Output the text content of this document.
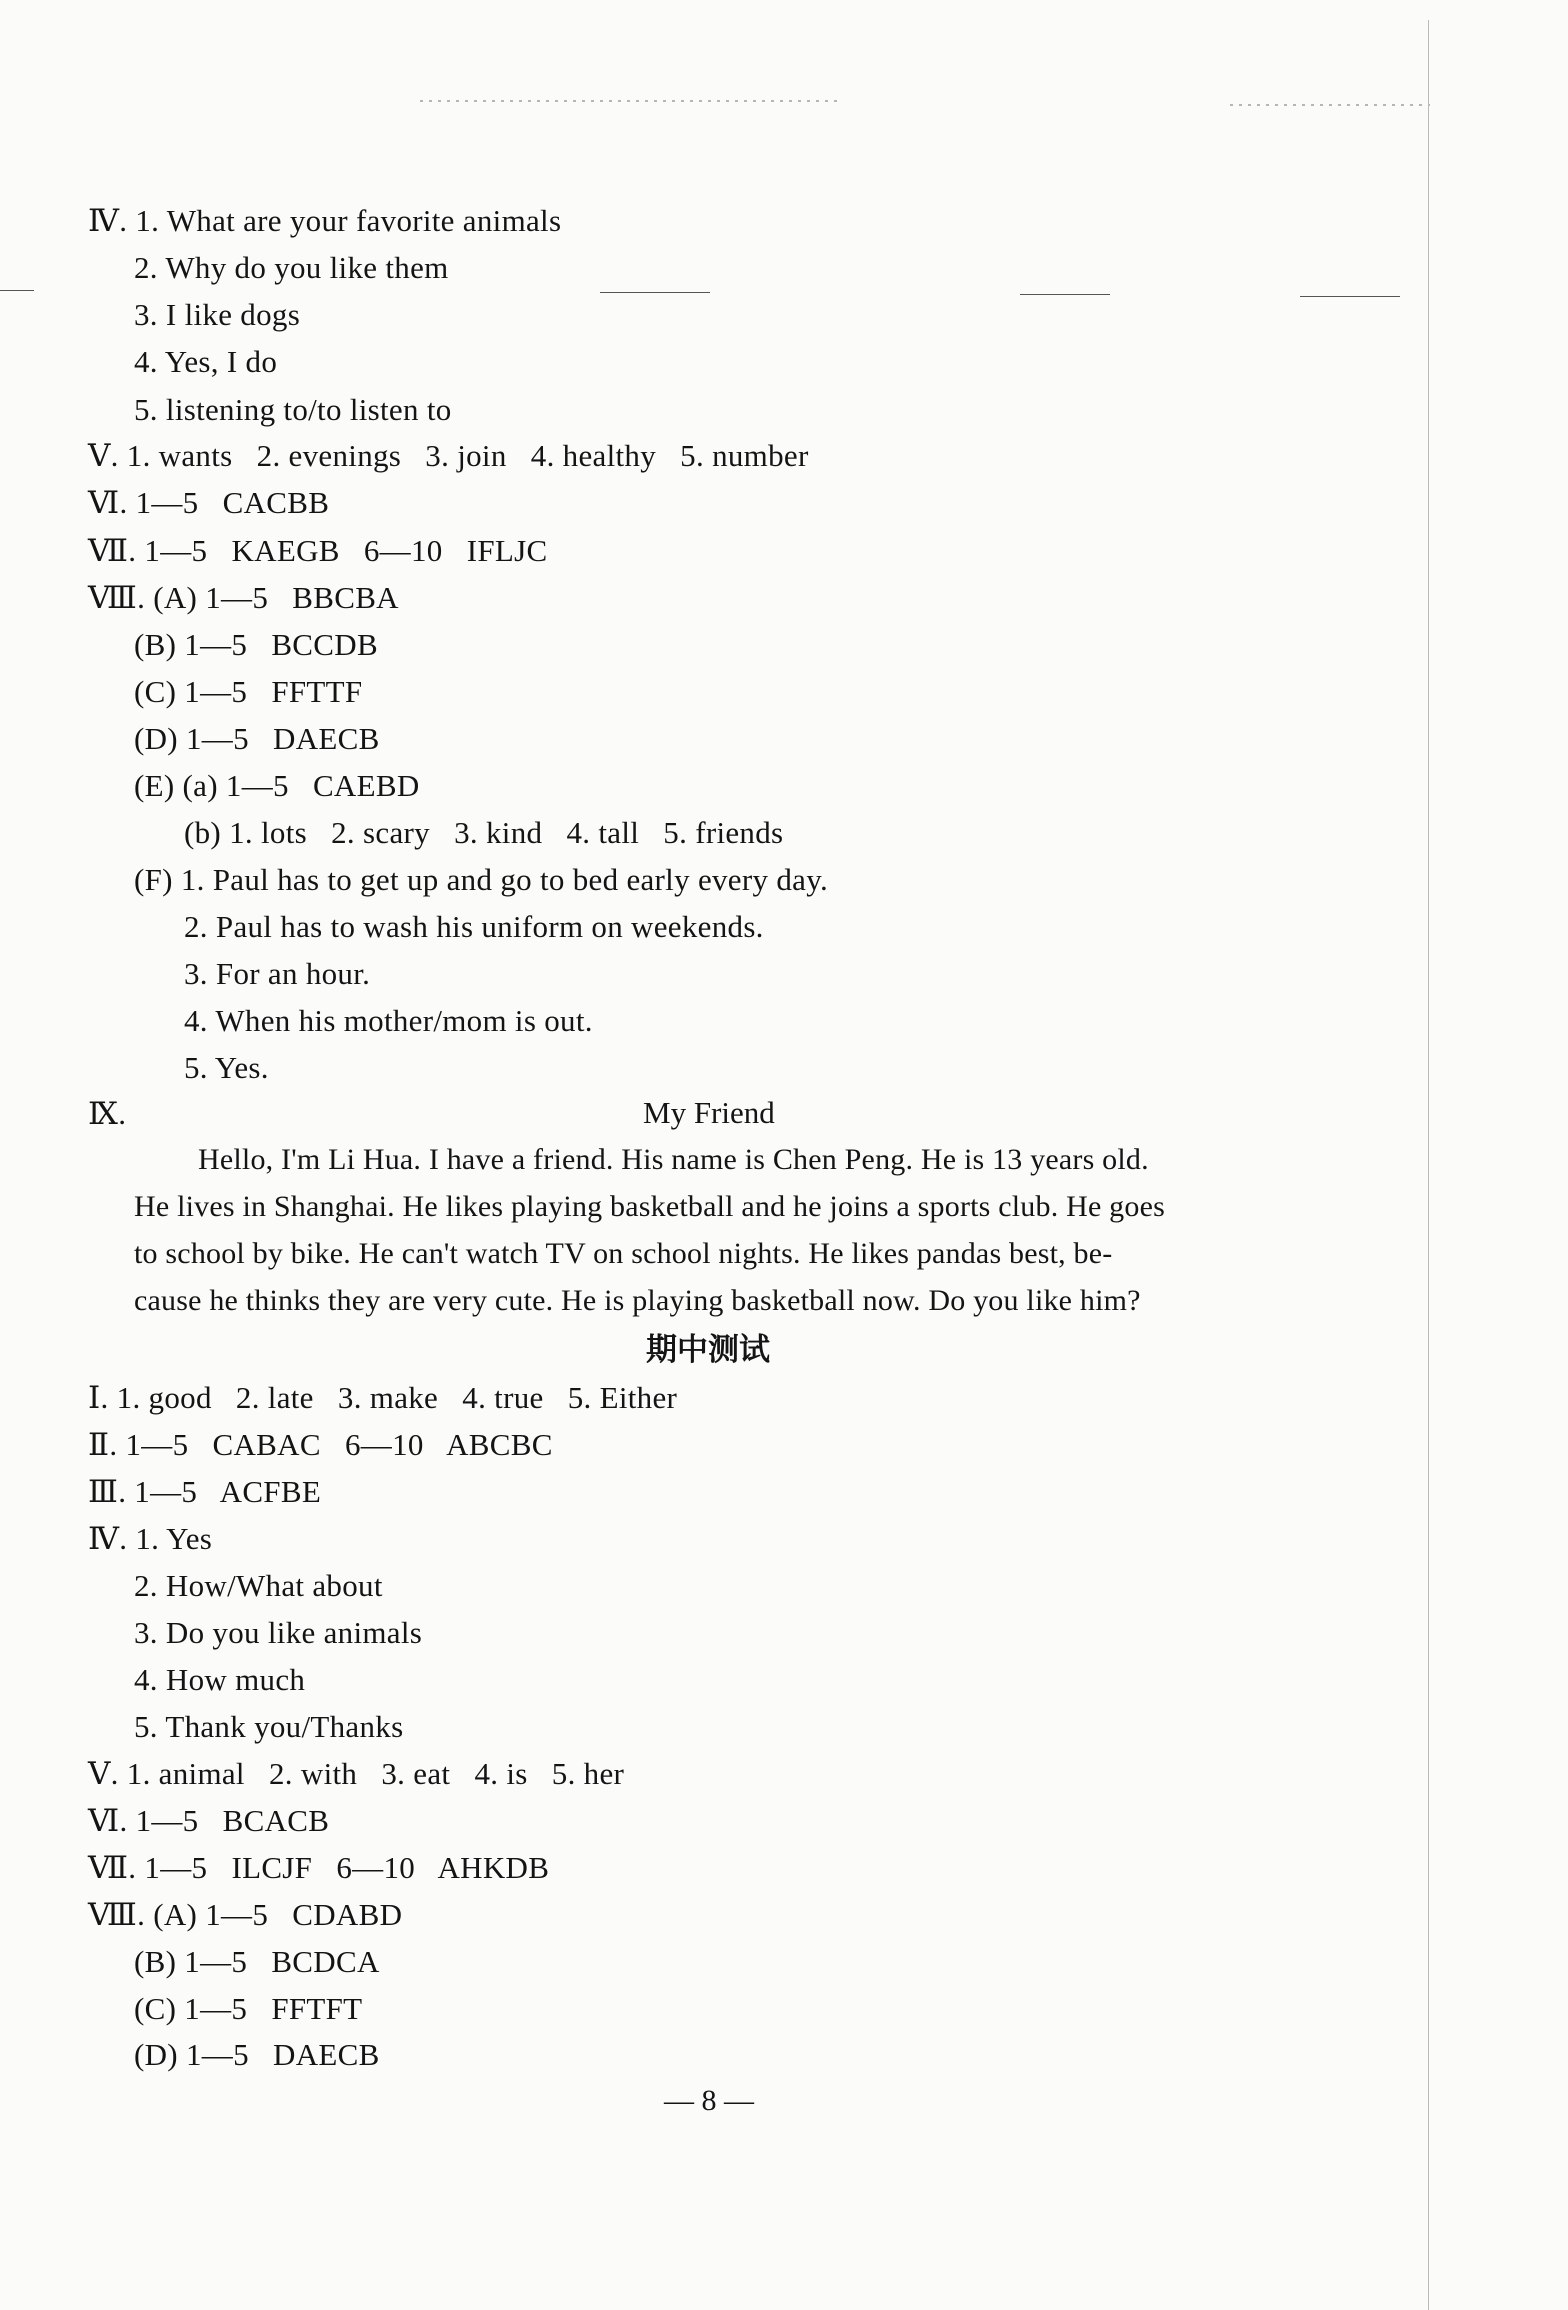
Ⅳ. 1. What are your favorite animals
2. Why do you like them
3. I like dogs
4. Yes, I do
5. listening to/to listen to
Ⅴ. 1. wants   2. evenings   3. join   4. healthy   5. number
Ⅵ. 1—5   CACBB
Ⅶ. 1—5   KAEGB   6—10   IFLJC
Ⅷ. (A) 1—5   BBCBA
(B) 1—5   BCCDB
(C) 1—5   FFTTF
(D) 1—5   DAECB
(E) (a) 1—5   CAEBD
(b) 1. lots   2. scary   3. kind   4. tall   5. friends
(F) 1. Paul has to get up and go to bed early every day.
2. Paul has to wash his uniform on weekends.
3. For an hour.
4. When his mother/mom is out.
5. Yes.
Ⅸ.	My Friend

Hello, I'm Li Hua. I have a friend. His name is Chen Peng. He is 13 years old.

He lives in Shanghai. He likes playing basketball and he joins a sports club. He goes

to school by bike. He can't watch TV on school nights. He likes pandas best, be-

cause he thinks they are very cute. He is playing basketball now. Do you like him?

期中测试
Ⅰ. 1. good   2. late   3. make   4. true   5. Either
Ⅱ. 1—5   CABAC   6—10   ABCBC
Ⅲ. 1—5   ACFBE
Ⅳ. 1. Yes
2. How/What about
3. Do you like animals
4. How much
5. Thank you/Thanks
Ⅴ. 1. animal   2. with   3. eat   4. is   5. her
Ⅵ. 1—5   BCACB
Ⅶ. 1—5   ILCJF   6—10   AHKDB
Ⅷ. (A) 1—5   CDABD
(B) 1—5   BCDCA
(C) 1—5   FFTFT
(D) 1—5   DAECB
— 8 —
